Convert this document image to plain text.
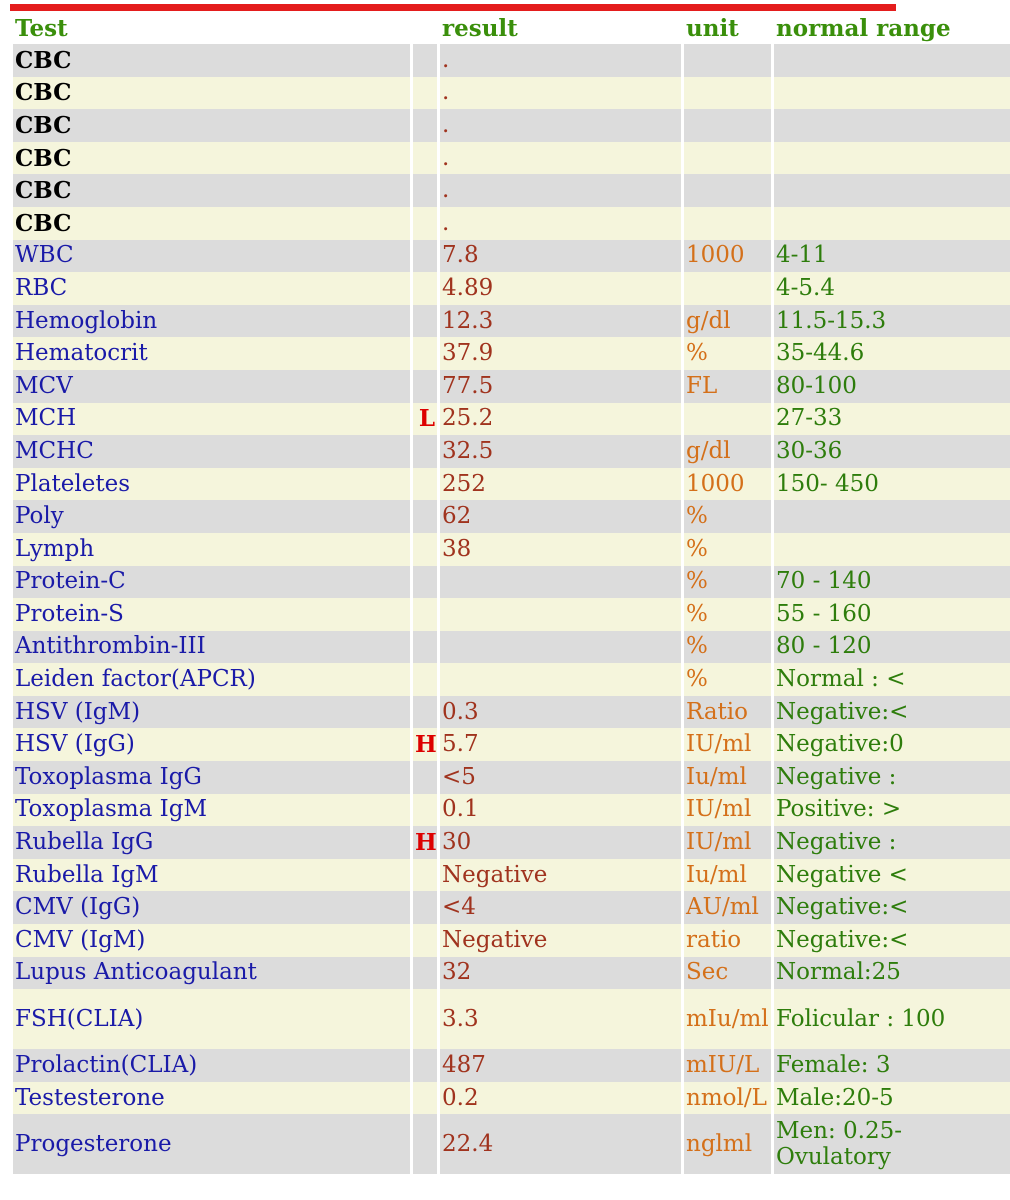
Test		result	unit	normal range
CBC		.		
CBC		.		
CBC		.		
CBC		.		
CBC		.		
CBC		.		
WBC		7.8	1000	4-11
RBC		4.89		4-5.4
Hemoglobin		12.3	g/dl	11.5-15.3
Hematocrit		37.9	%	35-44.6
MCV		77.5	FL	80-100
MCH	L	25.2		27-33
MCHC		32.5	g/dl	30-36
Plateletes		252	1000	150- 450
Poly		62	%	
Lymph		38	%	
Protein-C			%	70 - 140
Protein-S			%	55 - 160
Antithrombin-III			%	80 - 120
Leiden factor(APCR)			%	Normal : <
HSV (IgM)		0.3	Ratio	Negative:<
HSV (IgG)	H	5.7	IU/ml	Negative:0
Toxoplasma IgG		<5	Iu/ml	Negative :
Toxoplasma IgM		0.1	IU/ml	Positive: >
Rubella IgG	H	30	IU/ml	Negative :
Rubella IgM		Negative	Iu/ml	Negative <
CMV (IgG)		<4	AU/ml	Negative:<
CMV (IgM)		Negative	ratio	Negative:<
Lupus Anticoagulant		32	Sec	Normal:25
FSH(CLIA)		3.3	mIu/ml	Folicular : 100
Prolactin(CLIA)		487	mIU/L	Female: 3
Testesterone		0.2	nmol/L	Male:20-5
Progesterone		22.4	nglml	Men: 0.25- Ovulatory
